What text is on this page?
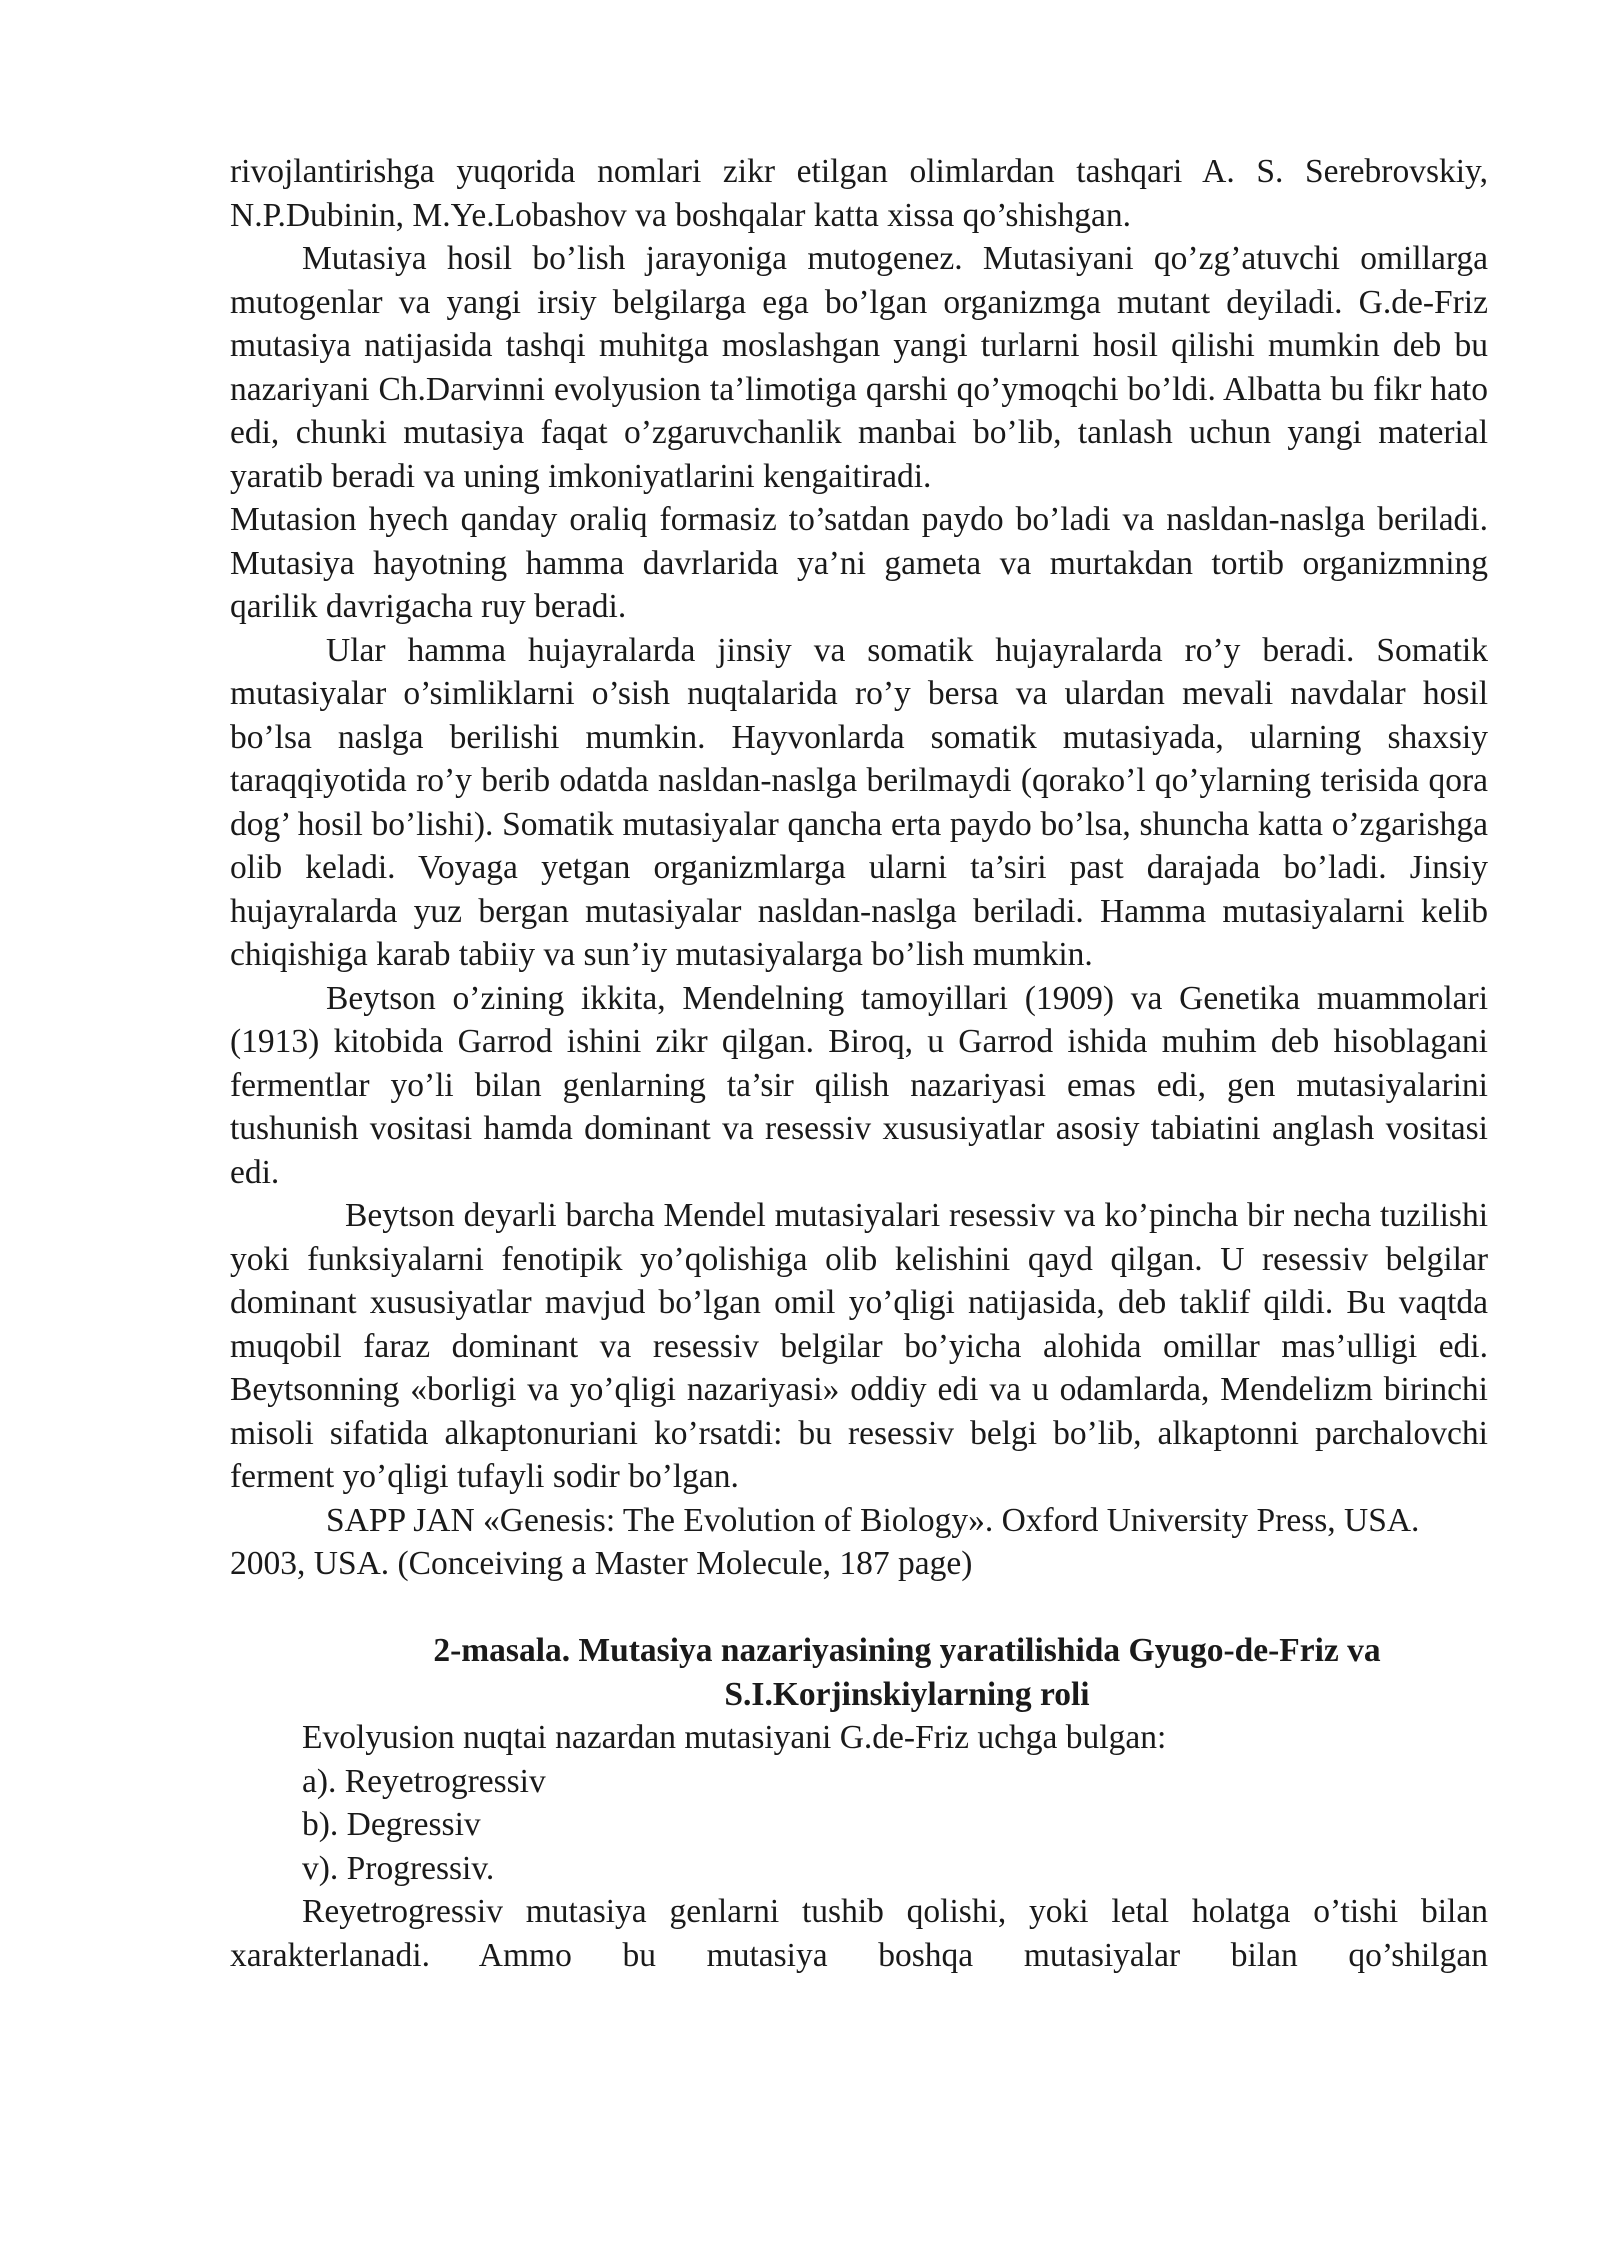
rivojlantirishga yuqorida nomlari zikr etilgan olimlardan tashqari A. S. Serebrovskiy, N.P.Dubinin, M.Ye.Lobashov va boshqalar katta xissa qo’shishgan.

Mutasiya hosil bo’lish jarayoniga mutogenez. Mutasiyani qo’zg’atuvchi omillarga mutogenlar va yangi irsiy belgilarga ega bo’lgan organizmga mutant deyiladi. G.de-Friz mutasiya natijasida tashqi muhitga moslashgan yangi turlarni hosil qilishi mumkin deb bu nazariyani Ch.Darvinni evolyusion ta’limotiga qarshi qo’ymoqchi bo’ldi. Albatta bu fikr hato edi, chunki mutasiya faqat o’zgaruvchanlik manbai bo’lib, tanlash uchun yangi material yaratib beradi va uning imkoniyatlarini kengaitiradi.

Mutasion hyech qanday oraliq formasiz to’satdan paydo bo’ladi va nasldan-naslga beriladi. Mutasiya hayotning hamma davrlarida ya’ni gameta va murtakdan tortib organizmning qarilik davrigacha ruy beradi.

Ular hamma hujayralarda jinsiy va somatik hujayralarda ro’y beradi. Somatik mutasiyalar o’simliklarni o’sish nuqtalarida ro’y bersa va ulardan mevali navdalar hosil bo’lsa naslga berilishi mumkin. Hayvonlarda somatik mutasiyada, ularning shaxsiy taraqqiyotida ro’y berib odatda nasldan-naslga berilmaydi (qorako’l qo’ylarning terisida qora dog’ hosil bo’lishi). Somatik mutasiyalar qancha erta paydo bo’lsa, shuncha katta o’zgarishga olib keladi. Voyaga yetgan organizmlarga ularni ta’siri past darajada bo’ladi. Jinsiy hujayralarda yuz bergan mutasiyalar nasldan-naslga beriladi. Hamma mutasiyalarni kelib chiqishiga karab tabiiy va sun’iy mutasiyalarga bo’lish mumkin.

Beytson o’zining ikkita, Mendelning tamoyillari (1909) va Genetika muammolari (1913) kitobida Garrod ishini zikr qilgan. Biroq, u Garrod ishida muhim deb hisoblagani fermentlar yo’li bilan genlarning ta’sir qilish nazariyasi emas edi, gen mutasiyalarini tushunish vositasi hamda dominant va resessiv xususiyatlar asosiy tabiatini anglash vositasi edi.

Beytson deyarli barcha Mendel mutasiyalari resessiv va ko’pincha bir necha tuzilishi yoki funksiyalarni fenotipik yo’qolishiga olib kelishini qayd qilgan. U resessiv belgilar dominant xususiyatlar mavjud bo’lgan omil yo’qligi natijasida, deb taklif qildi. Bu vaqtda muqobil faraz dominant va resessiv belgilar bo’yicha alohida omillar mas’ulligi edi. Beytsonning «borligi va yo’qligi nazariyasi» oddiy edi va u odamlarda, Mendelizm birinchi misoli sifatida alkaptonuriani ko’rsatdi: bu resessiv belgi bo’lib, alkaptonni parchalovchi ferment yo’qligi tufayli sodir bo’lgan.

SAPP JAN «Genesis: The Evolution of Biology». Oxford University Press, USA. 2003, USA. (Conceiving a Master Molecule, 187 page)

2-masala. Mutasiya nazariyasining yaratilishida Gyugo-de-Friz va S.I.Korjinskiylarning roli

Evolyusion nuqtai nazardan mutasiyani G.de-Friz uchga bulgan:

a). Reyetrogressiv

b). Degressiv

v). Progressiv.

Reyetrogressiv mutasiya genlarni tushib qolishi, yoki letal holatga o’tishi bilan xarakterlanadi. Ammo bu mutasiya boshqa mutasiyalar bilan qo’shilgan
